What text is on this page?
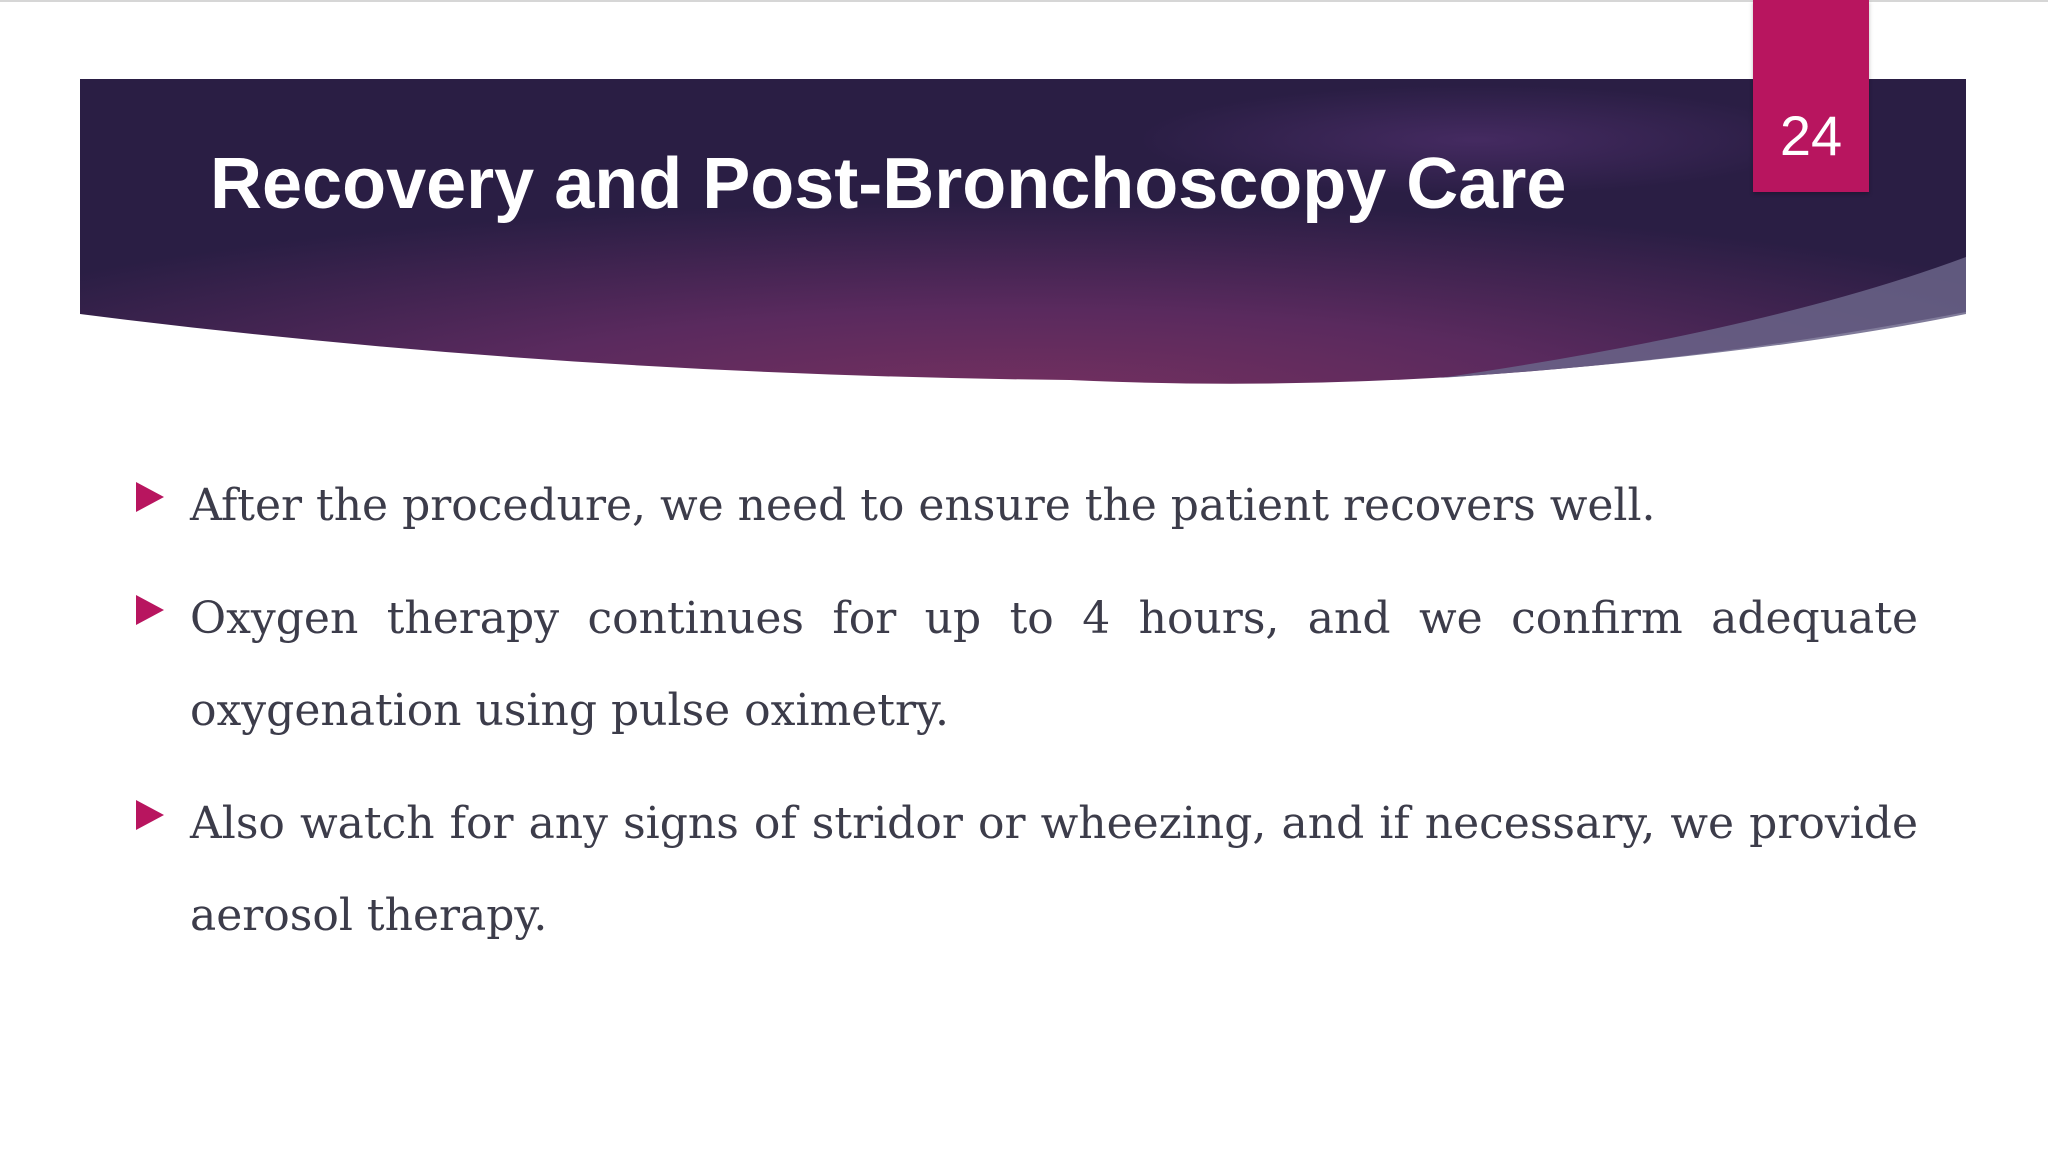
Recovery and Post-Bronchoscopy Care
24
After the procedure, we need to ensure the patient recovers well.
Oxygen therapy continues for up to 4 hours, and we confirm adequate oxygenation using pulse oximetry.
Also watch for any signs of stridor or wheezing, and if necessary, we provide aerosol therapy.
